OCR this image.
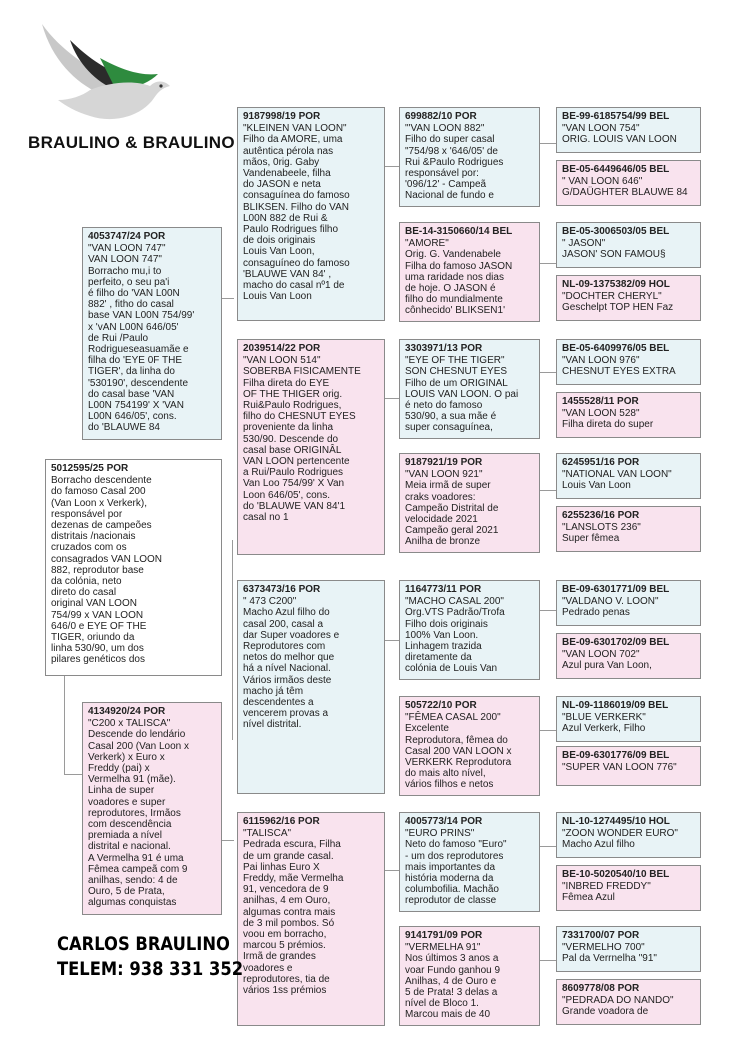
BRAULINO & BRAULINO
5012595/25 POR
Borracho descendente
do famoso Casal 200
(Van Loon x Verkerk),
responsável por
dezenas de campeões
distritais /nacionais
cruzados com os
consagrados VAN LOON
882, reprodutor base
da colónia, neto
direto do casal
original VAN LOON
754/99 x VAN LOON
646/0 e EYE OF THE
TIGER, oriundo da
linha 530/90, um dos
pilares genéticos dos
4053747/24 POR
"VAN LOON 747"
VAN LOON 747"
Borracho mu,i to
perfeito, o seu pa'i
é filho do 'VAN L00N
882' , fitho do casal
base VAN L00N 754/99'
x 'vAN L00N 646/05'
de Rui /Paulo
Rodrigueseasuamãe e
filha do 'EYE 0F THE
TIGER', da linha do
'530190', descendente
do casal base 'VAN
L00N 754199' X 'VAN
L00N 646/05', cons.
do 'BLAUWE 84
4134920/24 POR
"C200 x TALISCA"
Descende do lendário
Casal 200 (Van Loon x
Verkerk) x Euro x
Freddy (pai) x
Vermelha 91 (mãe).
Linha de super
voadores e super
reprodutores, Irmãos
com descendência
premiada a nível
distrital e nacional.
A Vermelha 91 é uma
Fêmea campeã com 9
anilhas, sendo: 4 de
Ouro, 5 de Prata,
algumas conquistas
9187998/19 POR
"KLEINEN VAN LOON"
Filho da AMORE, uma
autêntica pérola nas
mãos, 0rig. Gaby
Vandenabeele, filha
do JASON e neta
consaguínea do famoso
BLIKSEN. Filho do VAN
L00N 882 de Rui &
Paulo Rodrigues filho
de dois originais
Louis Van Loon,
consaguíneo do famoso
'BLAUWE VAN 84' ,
macho do casal nº1 de
Louis Van Loon
2039514/22 POR
"VAN LOON 514"
SOBERBA FISICAMENTE
Filha direta do EYE
OF THE THIGER orig.
Rui&Paulo Rodrigues,
filho do CHESNUT EYES
proveniente da linha
530/90. Descende do
casal base ORIGINÂL
VAN LOON pertencente
a Rui/Paulo Rodrigues
Van Loo 754/99' X Van
Loon 646/05', cons.
do 'BLAUWE VAN 84'1
casal no 1
6373473/16 POR
" 473 C200"
Macho Azul filho do
casal 200, casal a
dar Super voadores e
Reprodutores com
netos do melhor que
há a nível Nacional.
Vários irmãos deste
macho já têm
descendentes a
vencerem provas a
nível distrital.
6115962/16 POR
"TALISCA"
Pedrada escura, Filha
de um grande casal.
Pai linhas Euro X
Freddy, mãe Vermelha
91, vencedora de 9
anilhas, 4 em Ouro,
algumas contra mais
de 3 mil pombos. Só
voou em borracho,
marcou 5 prémios.
Irmã de grandes
voadores e
reprodutores, tia de
vários 1ss prémios
699882/10 POR
"'VAN LOON 882"
Filho do super casal
"754/98 x '646/05' de
Rui &Paulo Rodrigues
responsável por:
'096/12' - Campeã
Nacional de fundo e
BE-14-3150660/14 BEL
"AMORE"
Orig. G. Vandenabele
Filha do famoso JASON
uma raridade nos dias
de hoje. O JASON é
filho do mundialmente
cônhecido' BLIKSEN1'
3303971/13 POR
"EYE OF THE TIGER"
SON CHESNUT EYES
Filho de um ORIGINAL
LOUIS VAN LOON. O pai
é neto do famoso
530/90, a sua mãe é
super consaguínea,
9187921/19 POR
"VAN LOON 921"
Meia irmã de super
craks voadores:
Campeão Distrital de
velocidade 2021
Campeão geral 2021
Anilha de bronze
1164773/11 POR
"MACHO CASAL 200"
Org.VTS Padrão/Trofa
Filho dois originais
100% Van Loon.
Linhagem trazida
diretamente da
colónia de Louis Van
505722/10 POR
"FÊMEA CASAL 200"
Excelente
Reprodutora, fêmea do
Casal 200 VAN LOON x
VERKERK Reprodutora
do mais alto nível,
vários filhos e netos
4005773/14 POR
"EURO PRINS"
Neto do famoso "Euro"
- um dos reprodutores
mais importantes da
história moderna da
columbofilia. Machão
reprodutor de classe
9141791/09 POR
"VERMELHA 91"
Nos últimos 3 anos a
voar Fundo ganhou 9
Anilhas, 4 de Ouro e
5 de Prata! 3 delas a
nível de Bloco 1.
Marcou mais de 40
BE-99-6185754/99 BEL
"VAN LOON 754"
ORIG. LOUIS VAN LOON
BE-05-6449646/05 BEL
" VAN LOON 646"
G/DAÜGHTER BLAUWE 84
BE-05-3006503/05 BEL
" JASON"
JASON' SON FAMOU§
NL-09-1375382/09 HOL
"DOCHTER CHERYL"
Geschelpt TOP HEN Faz
BE-05-6409976/05 BEL
"VAN LOON 976"
CHESNUT EYES EXTRA
1455528/11 POR
"VAN LOON 528"
Filha direta do super
6245951/16 POR
"NATIONAL VAN LOON"
Louis Van Loon
6255236/16 POR
"LANSLOTS 236"
Super fêmea
BE-09-6301771/09 BEL
"VALDANO V. LOON"
Pedrado penas
BE-09-6301702/09 BEL
"VAN LOON 702"
Azul pura Van Loon,
NL-09-1186019/09 BEL
"BLUE VERKERK"
Azul Verkerk, Filho
BE-09-6301776/09 BEL
"SUPER VAN LOON 776"
NL-10-1274495/10 HOL
"ZOON WONDER EURO"
Macho Azul filho
BE-10-5020540/10 BEL
"INBRED FREDDY"
Fêmea Azul
7331700/07 POR
"VERMELHO 700"
Pal da Verrnelha "91"
8609778/08 POR
"PEDRADA DO NANDO"
Grande voadora de
CARLOS BRAULINO
TELEM: 938 331 352
